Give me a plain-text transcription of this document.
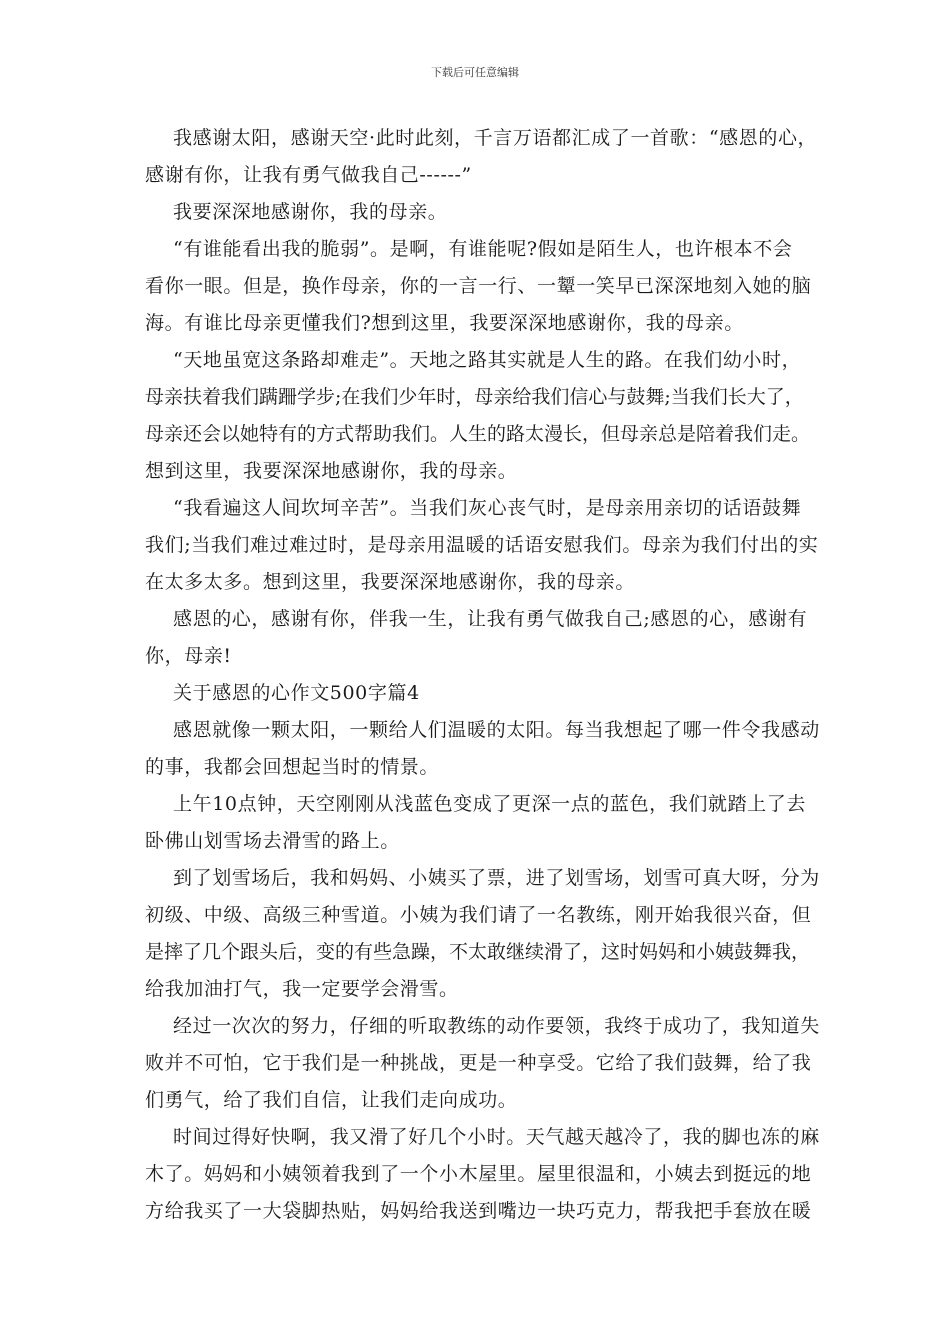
下载后可任意编辑
我感谢太阳，感谢天空·此时此刻，千言万语都汇成了一首歌：“感恩的心，
感谢有你，让我有勇气做我自己------”
我要深深地感谢你，我的母亲。
“有谁能看出我的脆弱”。是啊，有谁能呢?假如是陌生人，也许根本不会
看你一眼。但是，换作母亲，你的一言一行、一颦一笑早已深深地刻入她的脑
海。有谁比母亲更懂我们?想到这里，我要深深地感谢你，我的母亲。
“天地虽宽这条路却难走”。天地之路其实就是人生的路。在我们幼小时，
母亲扶着我们蹒跚学步;在我们少年时，母亲给我们信心与鼓舞;当我们长大了，
母亲还会以她特有的方式帮助我们。人生的路太漫长，但母亲总是陪着我们走。
想到这里，我要深深地感谢你，我的母亲。
“我看遍这人间坎坷辛苦”。当我们灰心丧气时，是母亲用亲切的话语鼓舞
我们;当我们难过难过时，是母亲用温暖的话语安慰我们。母亲为我们付出的实
在太多太多。想到这里，我要深深地感谢你，我的母亲。
感恩的心，感谢有你，伴我一生，让我有勇气做我自己;感恩的心，感谢有
你，母亲!
关于感恩的心作文500字篇4
感恩就像一颗太阳，一颗给人们温暖的太阳。每当我想起了哪一件令我感动
的事，我都会回想起当时的情景。
上午10点钟，天空刚刚从浅蓝色变成了更深一点的蓝色，我们就踏上了去
卧佛山划雪场去滑雪的路上。
到了划雪场后，我和妈妈、小姨买了票，进了划雪场，划雪可真大呀，分为
初级、中级、高级三种雪道。小姨为我们请了一名教练，刚开始我很兴奋，但
是摔了几个跟头后，变的有些急躁，不太敢继续滑了，这时妈妈和小姨鼓舞我，
给我加油打气，我一定要学会滑雪。
经过一次次的努力，仔细的听取教练的动作要领，我终于成功了，我知道失
败并不可怕，它于我们是一种挑战，更是一种享受。它给了我们鼓舞，给了我
们勇气，给了我们自信，让我们走向成功。
时间过得好快啊，我又滑了好几个小时。天气越天越冷了，我的脚也冻的麻
木了。妈妈和小姨领着我到了一个小木屋里。屋里很温和，小姨去到挺远的地
方给我买了一大袋脚热贴，妈妈给我送到嘴边一块巧克力，帮我把手套放在暖
